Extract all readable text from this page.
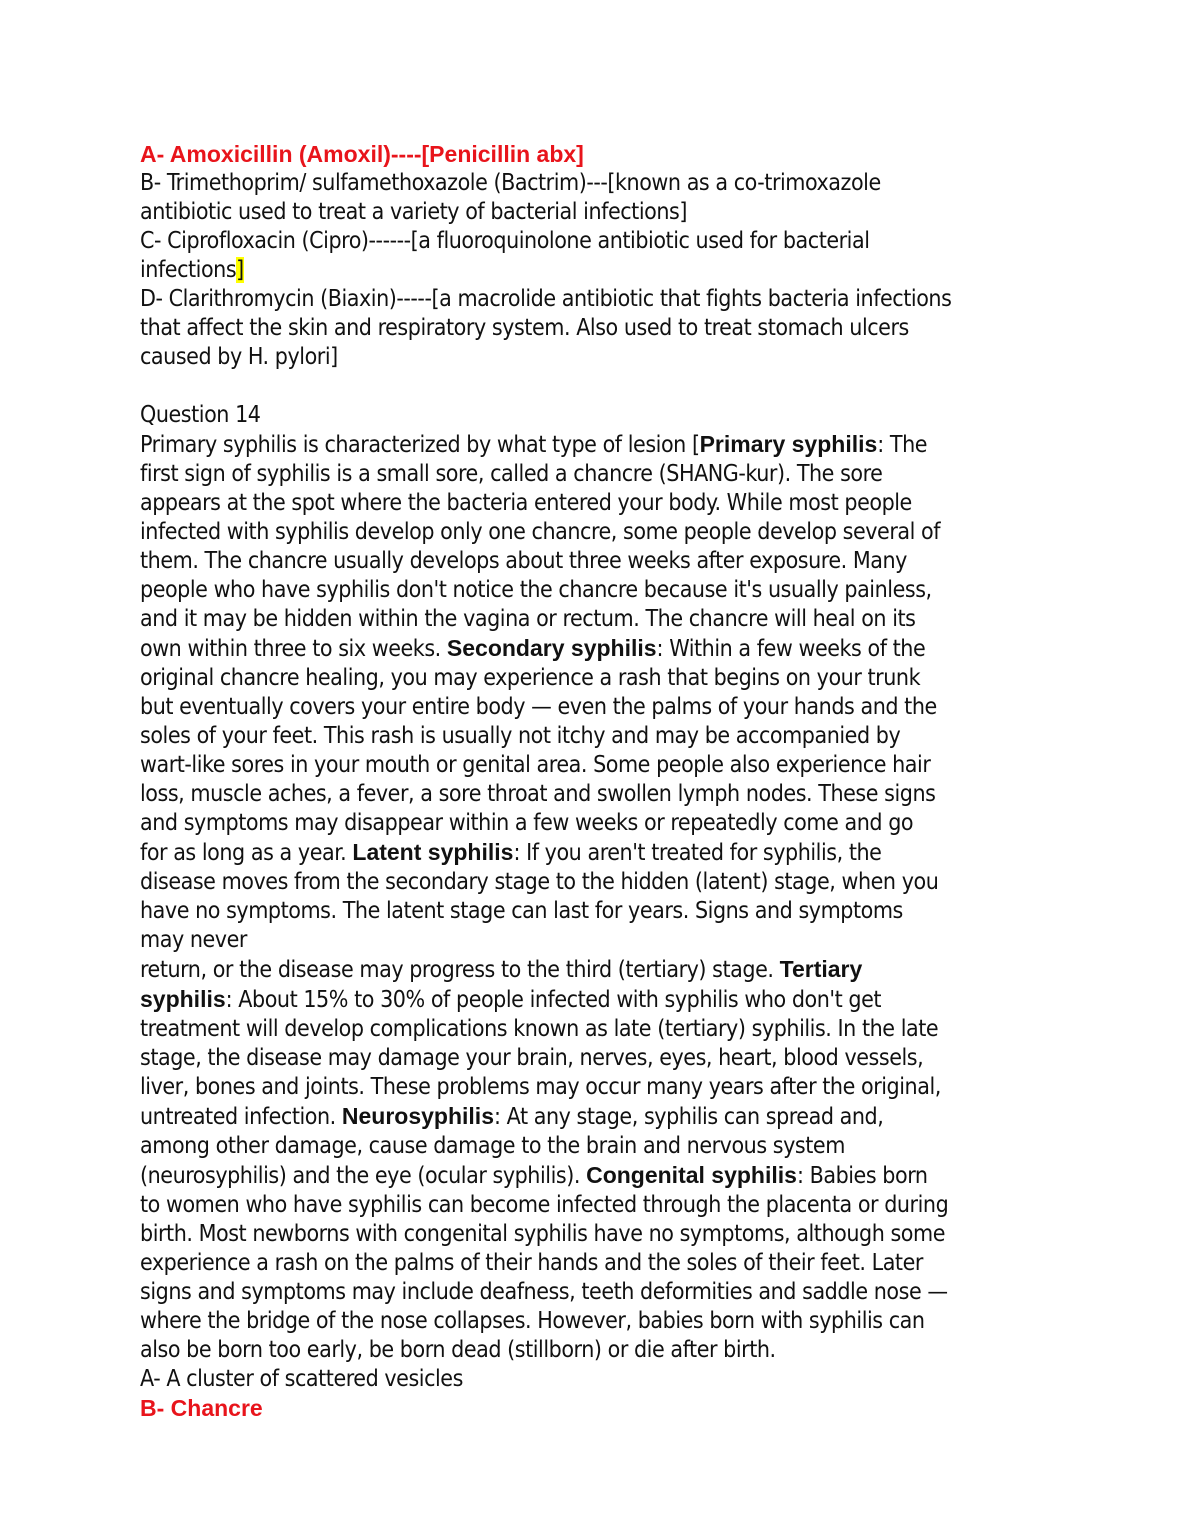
A- Amoxicillin (Amoxil)----[Penicillin abx]
B- Trimethoprim/ sulfamethoxazole (Bactrim)---[known as a co-trimoxazole
antibiotic used to treat a variety of bacterial infections]
C- Ciprofloxacin (Cipro)------[a fluoroquinolone antibiotic used for bacterial
infections]
D- Clarithromycin (Biaxin)-----[a macrolide antibiotic that fights bacteria infections
that affect the skin and respiratory system. Also used to treat stomach ulcers
caused by H. pylori]
Question 14
Primary syphilis is characterized by what type of lesion [Primary syphilis: The
first sign of syphilis is a small sore, called a chancre (SHANG-kur). The sore
appears at the spot where the bacteria entered your body. While most people
infected with syphilis develop only one chancre, some people develop several of
them. The chancre usually develops about three weeks after exposure. Many
people who have syphilis don't notice the chancre because it's usually painless,
and it may be hidden within the vagina or rectum. The chancre will heal on its
own within three to six weeks. Secondary syphilis: Within a few weeks of the
original chancre healing, you may experience a rash that begins on your trunk
but eventually covers your entire body — even the palms of your hands and the
soles of your feet. This rash is usually not itchy and may be accompanied by
wart-like sores in your mouth or genital area. Some people also experience hair
loss, muscle aches, a fever, a sore throat and swollen lymph nodes. These signs
and symptoms may disappear within a few weeks or repeatedly come and go
for as long as a year. Latent syphilis: If you aren't treated for syphilis, the
disease moves from the secondary stage to the hidden (latent) stage, when you
have no symptoms. The latent stage can last for years. Signs and symptoms
may never
return, or the disease may progress to the third (tertiary) stage. Tertiary
syphilis: About 15% to 30% of people infected with syphilis who don't get
treatment will develop complications known as late (tertiary) syphilis. In the late
stage, the disease may damage your brain, nerves, eyes, heart, blood vessels,
liver, bones and joints. These problems may occur many years after the original,
untreated infection. Neurosyphilis: At any stage, syphilis can spread and,
among other damage, cause damage to the brain and nervous system
(neurosyphilis) and the eye (ocular syphilis). Congenital syphilis: Babies born
to women who have syphilis can become infected through the placenta or during
birth. Most newborns with congenital syphilis have no symptoms, although some
experience a rash on the palms of their hands and the soles of their feet. Later
signs and symptoms may include deafness, teeth deformities and saddle nose —
where the bridge of the nose collapses. However, babies born with syphilis can
also be born too early, be born dead (stillborn) or die after birth.
A- A cluster of scattered vesicles
B- Chancre
